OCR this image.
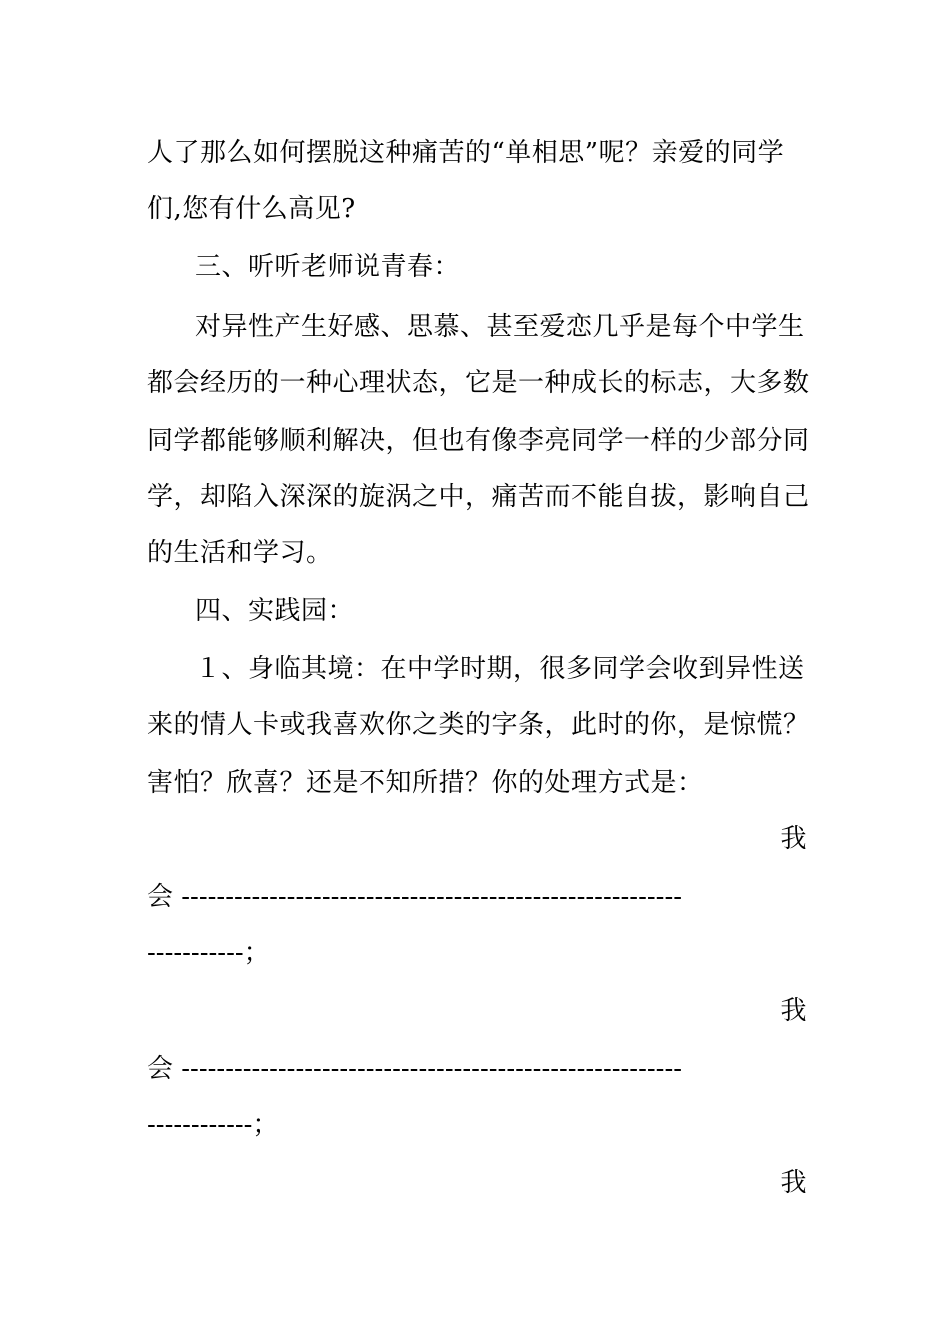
人了那么如何摆脱这种痛苦的“单相思”呢？亲爱的同学
们,您有什么高见?
三、听听老师说青春：
对异性产生好感、思慕、甚至爱恋几乎是每个中学生
都会经历的一种心理状态，它是一种成长的标志，大多数
同学都能够顺利解决，但也有像李亮同学一样的少部分同
学，却陷入深深的旋涡之中，痛苦而不能自拔，影响自己
的生活和学习。
四、实践园：
１、身临其境：在中学时期，很多同学会收到异性送
来的情人卡或我喜欢你之类的字条，此时的你，是惊慌？
害怕？欣喜？还是不知所措？你的处理方式是：
我
会 ---------------------------------------------------------
-----------；
我
会 ---------------------------------------------------------
------------；
我
